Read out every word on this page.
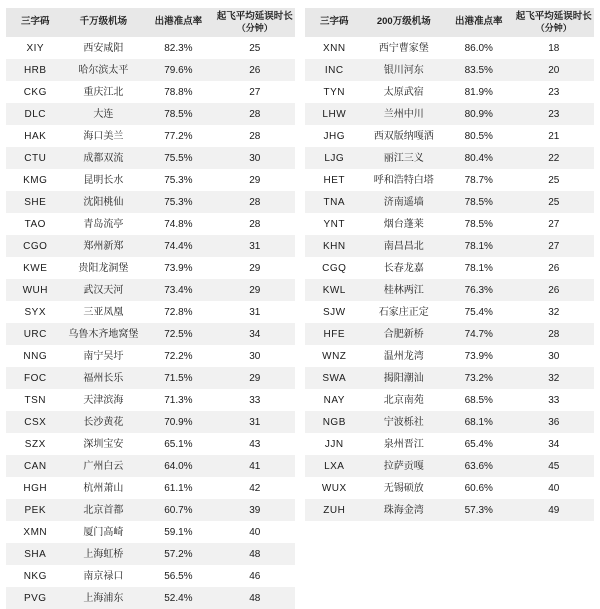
三字码	千万级机场	出港准点率	起飞平均延误时长
（分钟）

XIY	西安咸阳	82.3%	25
HRB	哈尔滨太平	79.6%	26
CKG	重庆江北	78.8%	27
DLC	大连	78.5%	28
HAK	海口美兰	77.2%	28
CTU	成都双流	75.5%	30
KMG	昆明长水	75.3%	29
SHE	沈阳桃仙	75.3%	28
TAO	青岛流亭	74.8%	28
CGO	郑州新郑	74.4%	31
KWE	贵阳龙洞堡	73.9%	29
WUH	武汉天河	73.4%	29
SYX	三亚凤凰	72.8%	31
URC	乌鲁木齐地窝堡	72.5%	34
NNG	南宁吴圩	72.2%	30
FOC	福州长乐	71.5%	29
TSN	天津滨海	71.3%	33
CSX	长沙黄花	70.9%	31
SZX	深圳宝安	65.1%	43
CAN	广州白云	64.0%	41
HGH	杭州萧山	61.1%	42
PEK	北京首都	60.7%	39
XMN	厦门高崎	59.1%	40
SHA	上海虹桥	57.2%	48
NKG	南京禄口	56.5%	46
PVG	上海浦东	52.4%	48
三字码	200万级机场	出港准点率	起飞平均延误时长
（分钟）

XNN	西宁曹家堡	86.0%	18
INC	银川河东	83.5%	20
TYN	太原武宿	81.9%	23
LHW	兰州中川	80.9%	23
JHG	西双版纳嘎洒	80.5%	21
LJG	丽江三义	80.4%	22
HET	呼和浩特白塔	78.7%	25
TNA	济南遥墙	78.5%	25
YNT	烟台蓬莱	78.5%	27
KHN	南昌昌北	78.1%	27
CGQ	长春龙嘉	78.1%	26
KWL	桂林两江	76.3%	26
SJW	石家庄正定	75.4%	32
HFE	合肥新桥	74.7%	28
WNZ	温州龙湾	73.9%	30
SWA	揭阳潮汕	73.2%	32
NAY	北京南苑	68.5%	33
NGB	宁波栎社	68.1%	36
JJN	泉州晋江	65.4%	34
LXA	拉萨贡嘎	63.6%	45
WUX	无锡硕放	60.6%	40
ZUH	珠海金湾	57.3%	49
